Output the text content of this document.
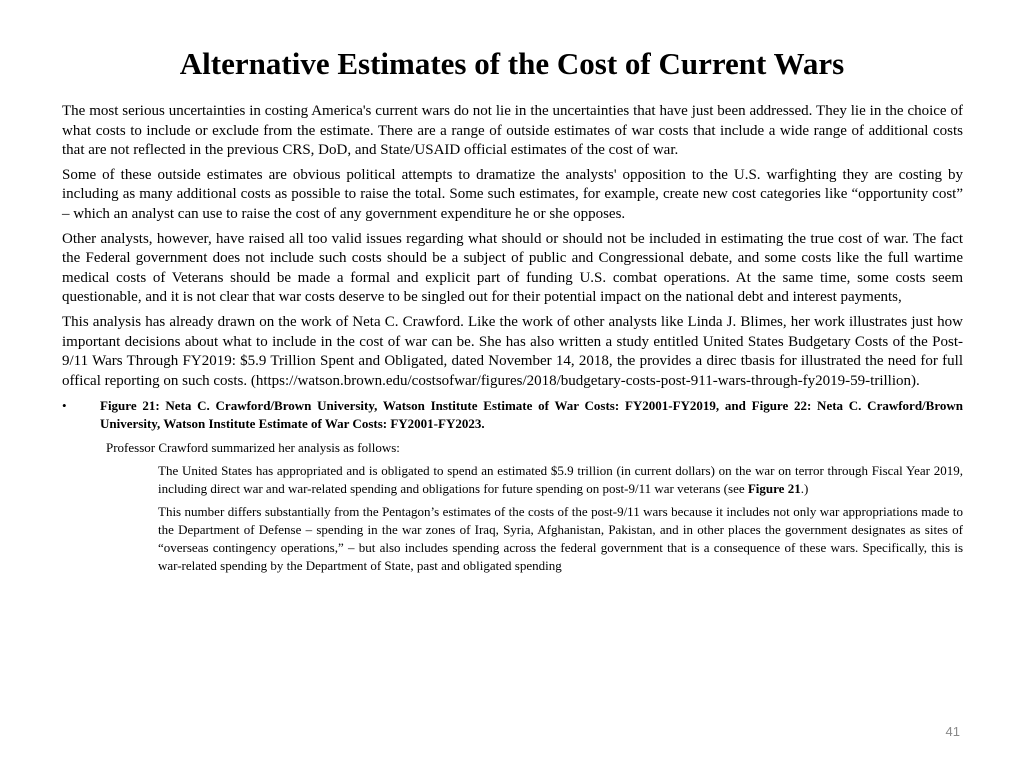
Alternative Estimates of the Cost of Current Wars

The most serious uncertainties in costing America's current wars do not lie in the uncertainties that have just been addressed. They lie in the choice of what costs to include or exclude from the estimate. There are a range of outside estimates of war costs that include a wide range of additional costs that are not reflected in the previous CRS, DoD, and State/USAID official estimates of the cost of war.

Some of these outside estimates are obvious political attempts to dramatize the analysts' opposition to the U.S. warfighting they are costing by including as many additional costs as possible to raise the total. Some such estimates, for example, create new cost categories like “opportunity cost” – which an analyst can use to raise the cost of any government expenditure he or she opposes.

Other analysts, however, have raised all too valid issues regarding what should or should not be included in estimating the true cost of war. The fact the Federal government does not include such costs should be a subject of public and Congressional debate, and some costs like the full wartime medical costs of Veterans should be made a formal and explicit part of funding U.S. combat operations. At the same time, some costs seem questionable, and it is not clear that war costs deserve to be singled out for their potential impact on the national debt and interest payments,

This analysis has already drawn on the work of Neta C. Crawford. Like the work of other analysts like Linda J. Blimes, her work illustrates just how important decisions about what to include in the cost of war can be. She has also written a study entitled United States Budgetary Costs of the Post-9/11 Wars Through FY2019: $5.9 Trillion Spent and Obligated, dated November 14, 2018, the provides a direc tbasis for illustrated the need for full offical reporting on such costs. (https://watson.brown.edu/costsofwar/figures/2018/budgetary-costs-post-911-wars-through-fy2019-59-trillion).

•	Figure 21: Neta C. Crawford/Brown University, Watson Institute Estimate of War Costs: FY2001-FY2019, and Figure 22: Neta C. Crawford/Brown University, Watson Institute Estimate of War Costs: FY2001-FY2023.

Professor Crawford summarized her analysis as follows:

The United States has appropriated and is obligated to spend an estimated $5.9 trillion (in current dollars) on the war on terror through Fiscal Year 2019, including direct war and war-related spending and obligations for future spending on post-9/11 war veterans (see Figure 21.)

This number differs substantially from the Pentagon’s estimates of the costs of the post-9/11 wars because it includes not only war appropriations made to the Department of Defense – spending in the war zones of Iraq, Syria, Afghanistan, Pakistan, and in other places the government designates as sites of “overseas contingency operations,” – but also includes spending across the federal government that is a consequence of these wars. Specifically, this is war-related spending by the Department of State, past and obligated spending

41
